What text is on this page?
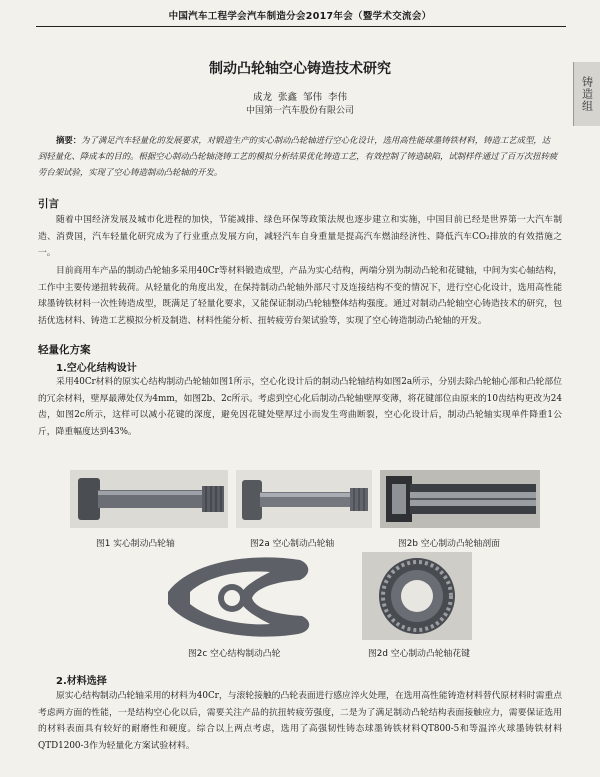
中国汽车工程学会汽车制造分会2017年会（暨学术交流会）
铸造组
制动凸轮轴空心铸造技术研究
成龙 张鑫 邹伟 李伟
中国第一汽车股份有限公司
摘要：为了满足汽车轻量化的发展要求，对锻造生产的实心制动凸轮轴进行空心化设计，选用高性能球墨铸铁材料，铸造工艺成型，达到轻量化、降成本的目的。根据空心制动凸轮轴浇铸工艺的模拟分析结果优化铸造工艺，有效控制了铸造缺陷，试制样件通过了百万次扭转疲劳台架试验，实现了空心铸造制动凸轮轴的开发。
引言

随着中国经济发展及城市化进程的加快，节能减排、绿色环保等政策法规也逐步建立和实施，中国目前已经是世界第一大汽车制造、消费国，汽车轻量化研究成为了行业重点发展方向，减轻汽车自身重量是提高汽车燃油经济性、降低汽车CO₂排放的有效措施之一。

目前商用车产品的制动凸轮轴多采用40Cr等材料锻造成型，产品为实心结构，两端分别为制动凸轮和花键轴，中间为实心轴结构，工作中主要传递扭转载荷。从轻量化的角度出发，在保持制动凸轮轴外部尺寸及连接结构不变的情况下，进行空心化设计，选用高性能球墨铸铁材料一次性铸造成型，既满足了轻量化要求，又能保证制动凸轮轴整体结构强度。通过对制动凸轮轴空心铸造技术的研究，包括优选材料、铸造工艺模拟分析及制造、材料性能分析、扭转疲劳台架试验等，实现了空心铸造制动凸轮轴的开发。

轻量化方案
1.空心化结构设计

采用40Cr材料的原实心结构制动凸轮轴如图1所示，空心化设计后的制动凸轮轴结构如图2a所示，分别去除凸轮轴心部和凸轮部位的冗余材料，壁厚最薄处仅为4mm，如图2b、2c所示。考虑到空心化后制动凸轮轴壁厚变薄，将花键部位由原来的10齿结构更改为24齿，如图2c所示，这样可以减小花键的深度，避免因花键处壁厚过小而发生弯曲断裂，空心化设计后，制动凸轮轴实现单件降重1公斤，降重幅度达到43%。

图1 实心制动凸轮轴	图2a 空心制动凸轮轴	图2b 空心制动凸轮轴剖面
图2c 空心结构制动凸轮	图2d 空心制动凸轮轴花键
2.材料选择

原实心结构制动凸轮轴采用的材料为40Cr，与滚轮接触的凸轮表面进行感应淬火处理，在选用高性能铸造材料替代原材料时需重点考虑两方面的性能，一是结构空心化以后，需要关注产品的抗扭转疲劳强度，二是为了满足制动凸轮结构表面接触应力，需要保证选用的材料表面具有较好的耐磨性和硬度。综合以上两点考虑，选用了高强韧性铸态球墨铸铁材料QT800-5和等温淬火球墨铸铁材料QTD1200-3作为轻量化方案试验材料。
